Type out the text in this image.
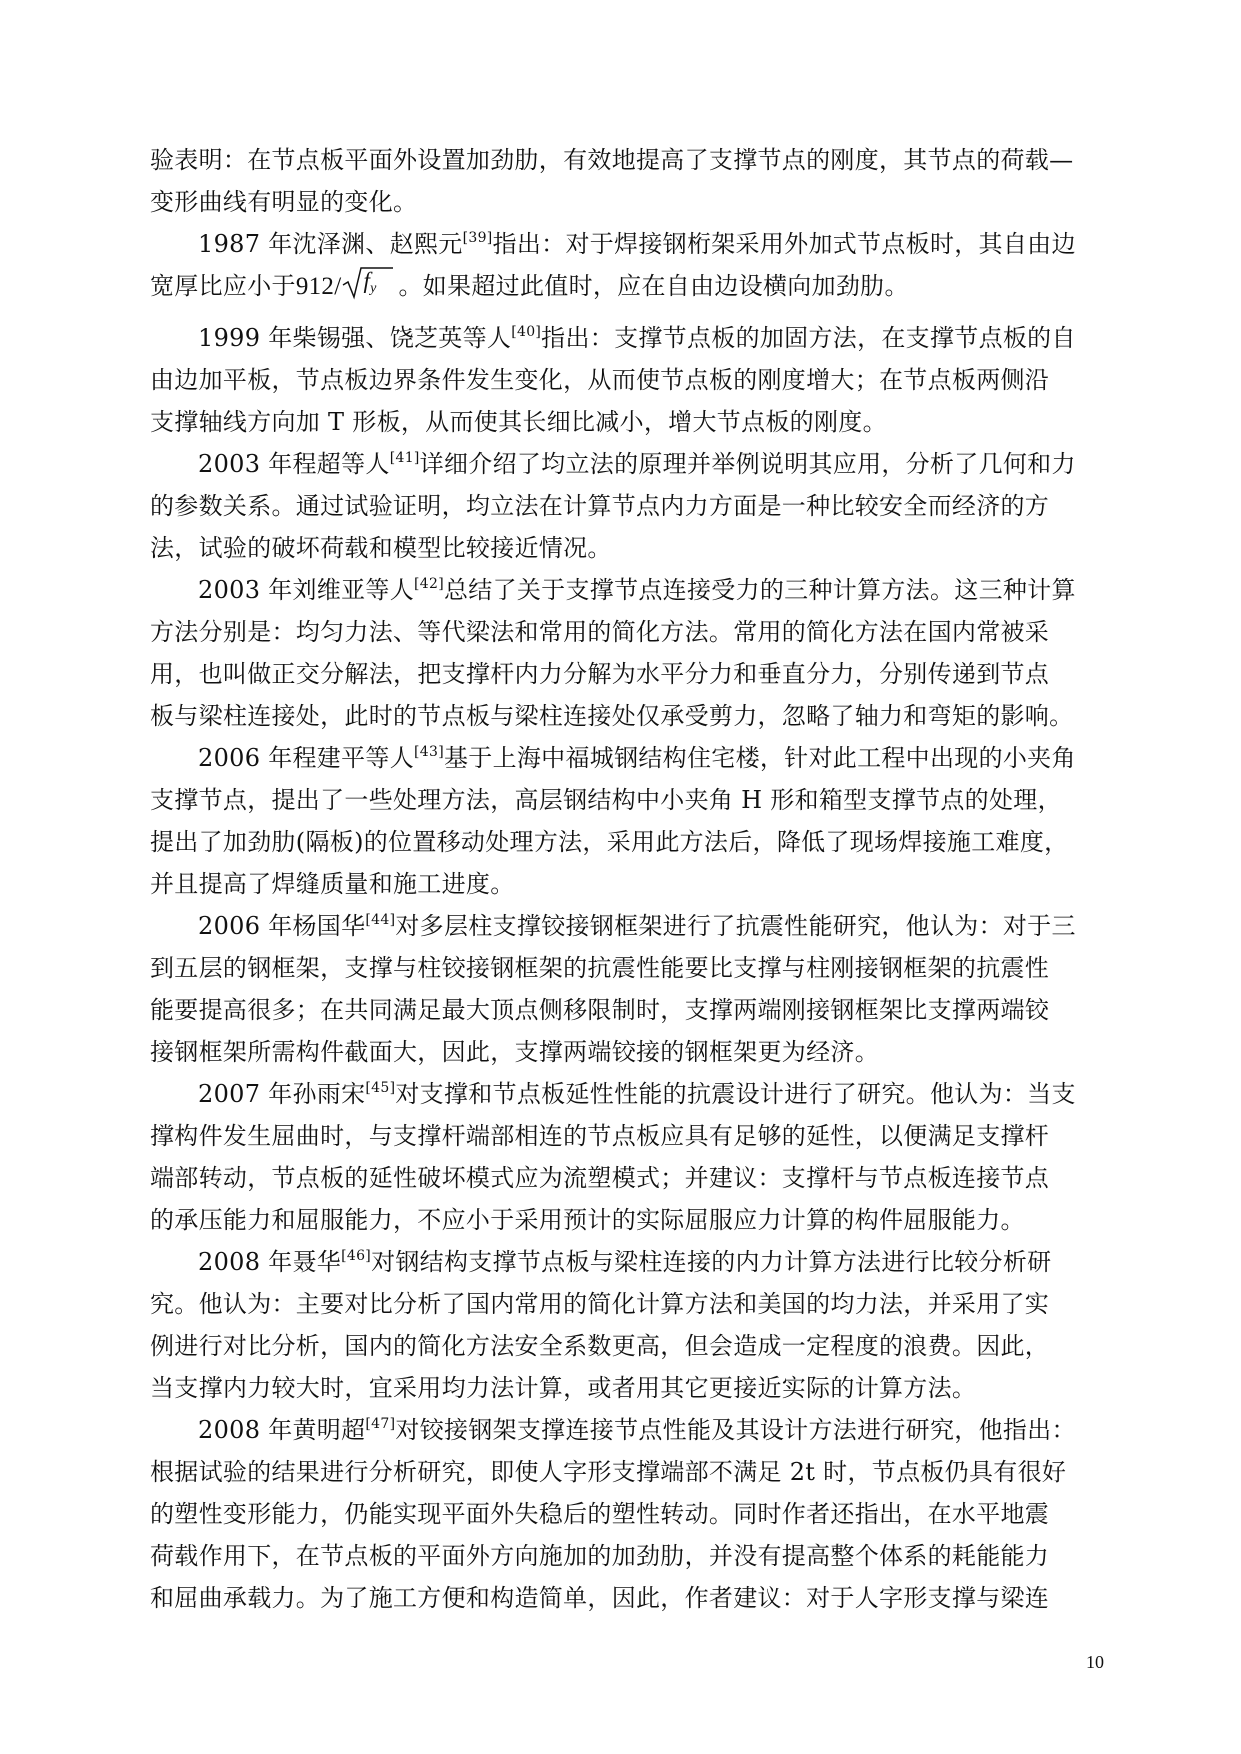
验表明：在节点板平面外设置加劲肋，有效地提高了支撑节点的刚度，其节点的荷载—
变形曲线有明显的变化。
1987 年沈泽渊、赵熙元[39]指出：对于焊接钢桁架采用外加式节点板时，其自由边
宽厚比应小于912/ $f_y$ 。如果超过此值时，应在自由边设横向加劲肋。
1999 年柴锡强、饶芝英等人[40]指出：支撑节点板的加固方法，在支撑节点板的自
由边加平板，节点板边界条件发生变化，从而使节点板的刚度增大；在节点板两侧沿
支撑轴线方向加 T 形板，从而使其长细比减小，增大节点板的刚度。
2003 年程超等人[41]详细介绍了均立法的原理并举例说明其应用，分析了几何和力
的参数关系。通过试验证明，均立法在计算节点内力方面是一种比较安全而经济的方
法，试验的破坏荷载和模型比较接近情况。
2003 年刘维亚等人[42]总结了关于支撑节点连接受力的三种计算方法。这三种计算
方法分别是：均匀力法、等代梁法和常用的简化方法。常用的简化方法在国内常被采
用，也叫做正交分解法，把支撑杆内力分解为水平分力和垂直分力，分别传递到节点
板与梁柱连接处，此时的节点板与梁柱连接处仅承受剪力，忽略了轴力和弯矩的影响。
2006 年程建平等人[43]基于上海中福城钢结构住宅楼，针对此工程中出现的小夹角
支撑节点，提出了一些处理方法，高层钢结构中小夹角 H 形和箱型支撑节点的处理，
提出了加劲肋(隔板)的位置移动处理方法，采用此方法后，降低了现场焊接施工难度，
并且提高了焊缝质量和施工进度。
2006 年杨国华[44]对多层柱支撑铰接钢框架进行了抗震性能研究，他认为：对于三
到五层的钢框架，支撑与柱铰接钢框架的抗震性能要比支撑与柱刚接钢框架的抗震性
能要提高很多；在共同满足最大顶点侧移限制时，支撑两端刚接钢框架比支撑两端铰
接钢框架所需构件截面大，因此，支撑两端铰接的钢框架更为经济。
2007 年孙雨宋[45]对支撑和节点板延性性能的抗震设计进行了研究。他认为：当支
撑构件发生屈曲时，与支撑杆端部相连的节点板应具有足够的延性，以便满足支撑杆
端部转动，节点板的延性破坏模式应为流塑模式；并建议：支撑杆与节点板连接节点
的承压能力和屈服能力，不应小于采用预计的实际屈服应力计算的构件屈服能力。
2008 年聂华[46]对钢结构支撑节点板与梁柱连接的内力计算方法进行比较分析研
究。他认为：主要对比分析了国内常用的简化计算方法和美国的均力法，并采用了实
例进行对比分析，国内的简化方法安全系数更高，但会造成一定程度的浪费。因此，
当支撑内力较大时，宜采用均力法计算，或者用其它更接近实际的计算方法。
2008 年黄明超[47]对铰接钢架支撑连接节点性能及其设计方法进行研究，他指出：
根据试验的结果进行分析研究，即使人字形支撑端部不满足 2t 时，节点板仍具有很好
的塑性变形能力，仍能实现平面外失稳后的塑性转动。同时作者还指出，在水平地震
荷载作用下，在节点板的平面外方向施加的加劲肋，并没有提高整个体系的耗能能力
和屈曲承载力。为了施工方便和构造简单，因此，作者建议：对于人字形支撑与梁连
10
